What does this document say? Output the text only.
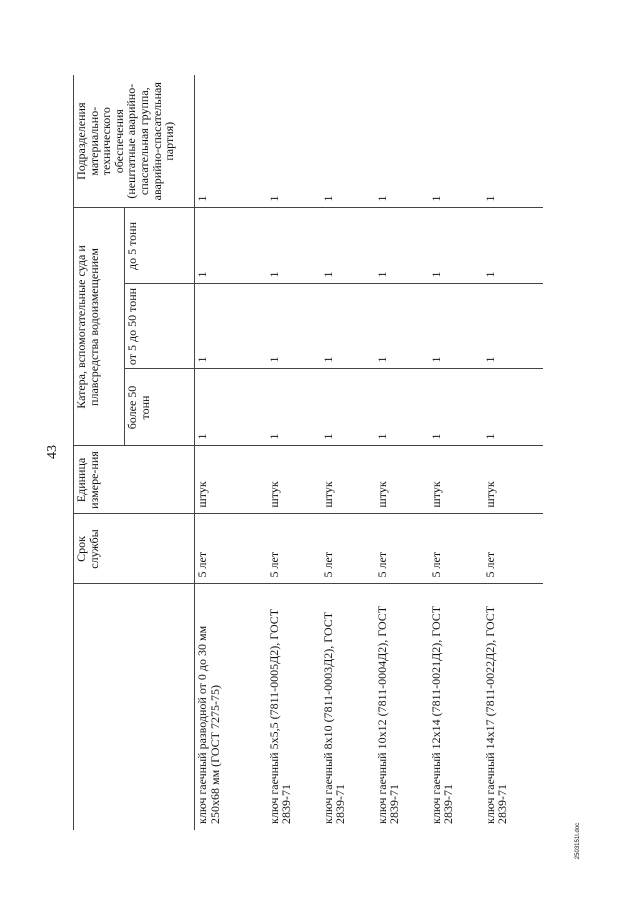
43
2503151I.doc
	Срок службы	Единица измере-ния	Катера, вспомогательные суда и плавсредства водоизмещением			Подразделения материально-технического обеспечения (нештатные аварийно-спасательная группа, аварийно-спасательная партия)
			более 50 тонн	от 5 до 50 тонн	до 5 тонн	
ключ гаечный разводной от 0 до 30 мм 250х68 мм (ГОСТ 7275-75)	5 лет	штук	1	1	1	1
ключ гаечный 5х5,5 (7811-0005Д2), ГОСТ 2839-71	5 лет	штук	1	1	1	1
ключ гаечный 8х10 (7811-0003Д2), ГОСТ 2839-71	5 лет	штук	1	1	1	1
ключ гаечный 10х12 (7811-0004Д2), ГОСТ 2839-71	5 лет	штук	1	1	1	1
ключ гаечный 12х14 (7811-0021Д2), ГОСТ 2839-71	5 лет	штук	1	1	1	1
ключ гаечный 14х17 (7811-0022Д2), ГОСТ 2839-71	5 лет	штук	1	1	1	1
